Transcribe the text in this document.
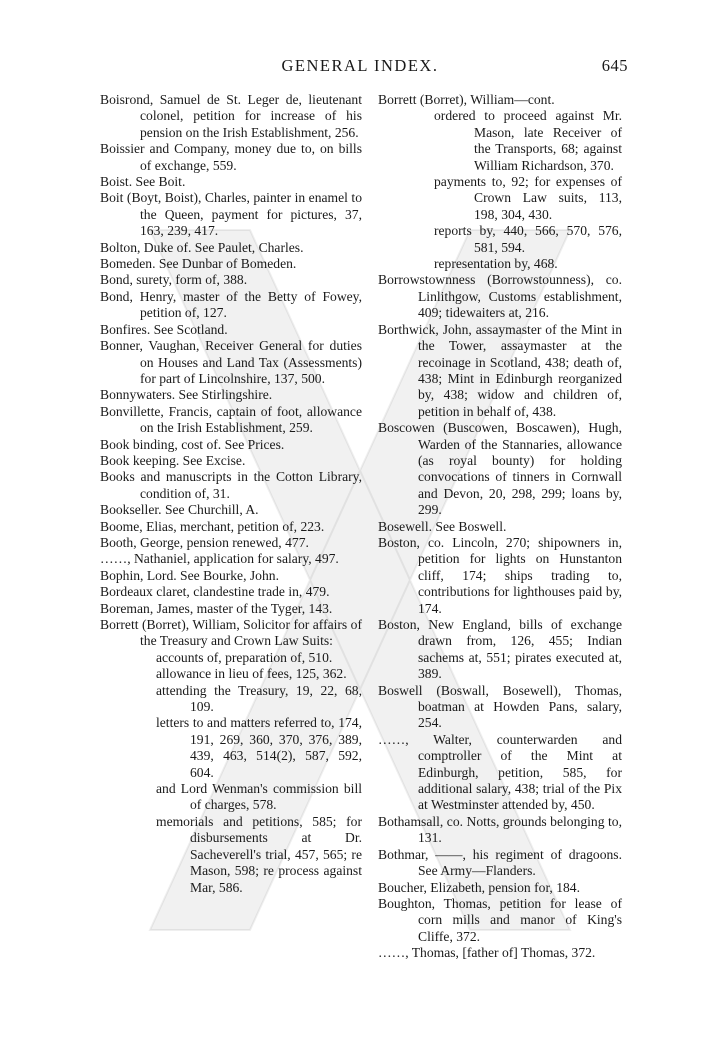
GENERAL INDEX.	645

Boisrond, Samuel de St. Leger de, lieutenant colonel, petition for increase of his pension on the Irish Establishment, 256.

Boissier and Company, money due to, on bills of exchange, 559.

Boist. See Boit.

Boit (Boyt, Boist), Charles, painter in enamel to the Queen, payment for pictures, 37, 163, 239, 417.

Bolton, Duke of. See Paulet, Charles.

Bomeden. See Dunbar of Bomeden.

Bond, surety, form of, 388.

Bond, Henry, master of the Betty of Fowey, petition of, 127.

Bonfires. See Scotland.

Bonner, Vaughan, Receiver General for duties on Houses and Land Tax (Assessments) for part of Lincolnshire, 137, 500.

Bonnywaters. See Stirlingshire.

Bonvillette, Francis, captain of foot, allowance on the Irish Establishment, 259.

Book binding, cost of. See Prices.

Book keeping. See Excise.

Books and manuscripts in the Cotton Library, condition of, 31.

Bookseller. See Churchill, A.

Boome, Elias, merchant, petition of, 223.

Booth, George, pension renewed, 477.

……, Nathaniel, application for salary, 497.

Bophin, Lord. See Bourke, John.

Bordeaux claret, clandestine trade in, 479.

Boreman, James, master of the Tyger, 143.

Borrett (Borret), William, Solicitor for affairs of the Treasury and Crown Law Suits:

accounts of, preparation of, 510.

allowance in lieu of fees, 125, 362.

attending the Treasury, 19, 22, 68, 109.

letters to and matters referred to, 174, 191, 269, 360, 370, 376, 389, 439, 463, 514(2), 587, 592, 604.

and Lord Wenman's commission bill of charges, 578.

memorials and petitions, 585; for disbursements at Dr. Sacheverell's trial, 457, 565; re Mason, 598; re process against Mar, 586.

Borrett (Borret), William—cont.

ordered to proceed against Mr. Mason, late Receiver of the Transports, 68; against William Richardson, 370.

payments to, 92; for expenses of Crown Law suits, 113, 198, 304, 430.

reports by, 440, 566, 570, 576, 581, 594.

representation by, 468.

Borrowstownness (Borrowstounness), co. Linlithgow, Customs establishment, 409; tidewaiters at, 216.

Borthwick, John, assaymaster of the Mint in the Tower, assaymaster at the recoinage in Scotland, 438; death of, 438; Mint in Edinburgh reorganized by, 438; widow and children of, petition in behalf of, 438.

Boscowen (Buscowen, Boscawen), Hugh, Warden of the Stannaries, allowance (as royal bounty) for holding convocations of tinners in Cornwall and Devon, 20, 298, 299; loans by, 299.

Bosewell. See Boswell.

Boston, co. Lincoln, 270; shipowners in, petition for lights on Hunstanton cliff, 174; ships trading to, contributions for lighthouses paid by, 174.

Boston, New England, bills of exchange drawn from, 126, 455; Indian sachems at, 551; pirates executed at, 389.

Boswell (Boswall, Bosewell), Thomas, boatman at Howden Pans, salary, 254.

……, Walter, counterwarden and comptroller of the Mint at Edinburgh, petition, 585, for additional salary, 438; trial of the Pix at Westminster attended by, 450.

Bothamsall, co. Notts, grounds belonging to, 131.

Bothmar, ——, his regiment of dragoons. See Army—Flanders.

Boucher, Elizabeth, pension for, 184.

Boughton, Thomas, petition for lease of corn mills and manor of King's Cliffe, 372.

……, Thomas, [father of] Thomas, 372.
